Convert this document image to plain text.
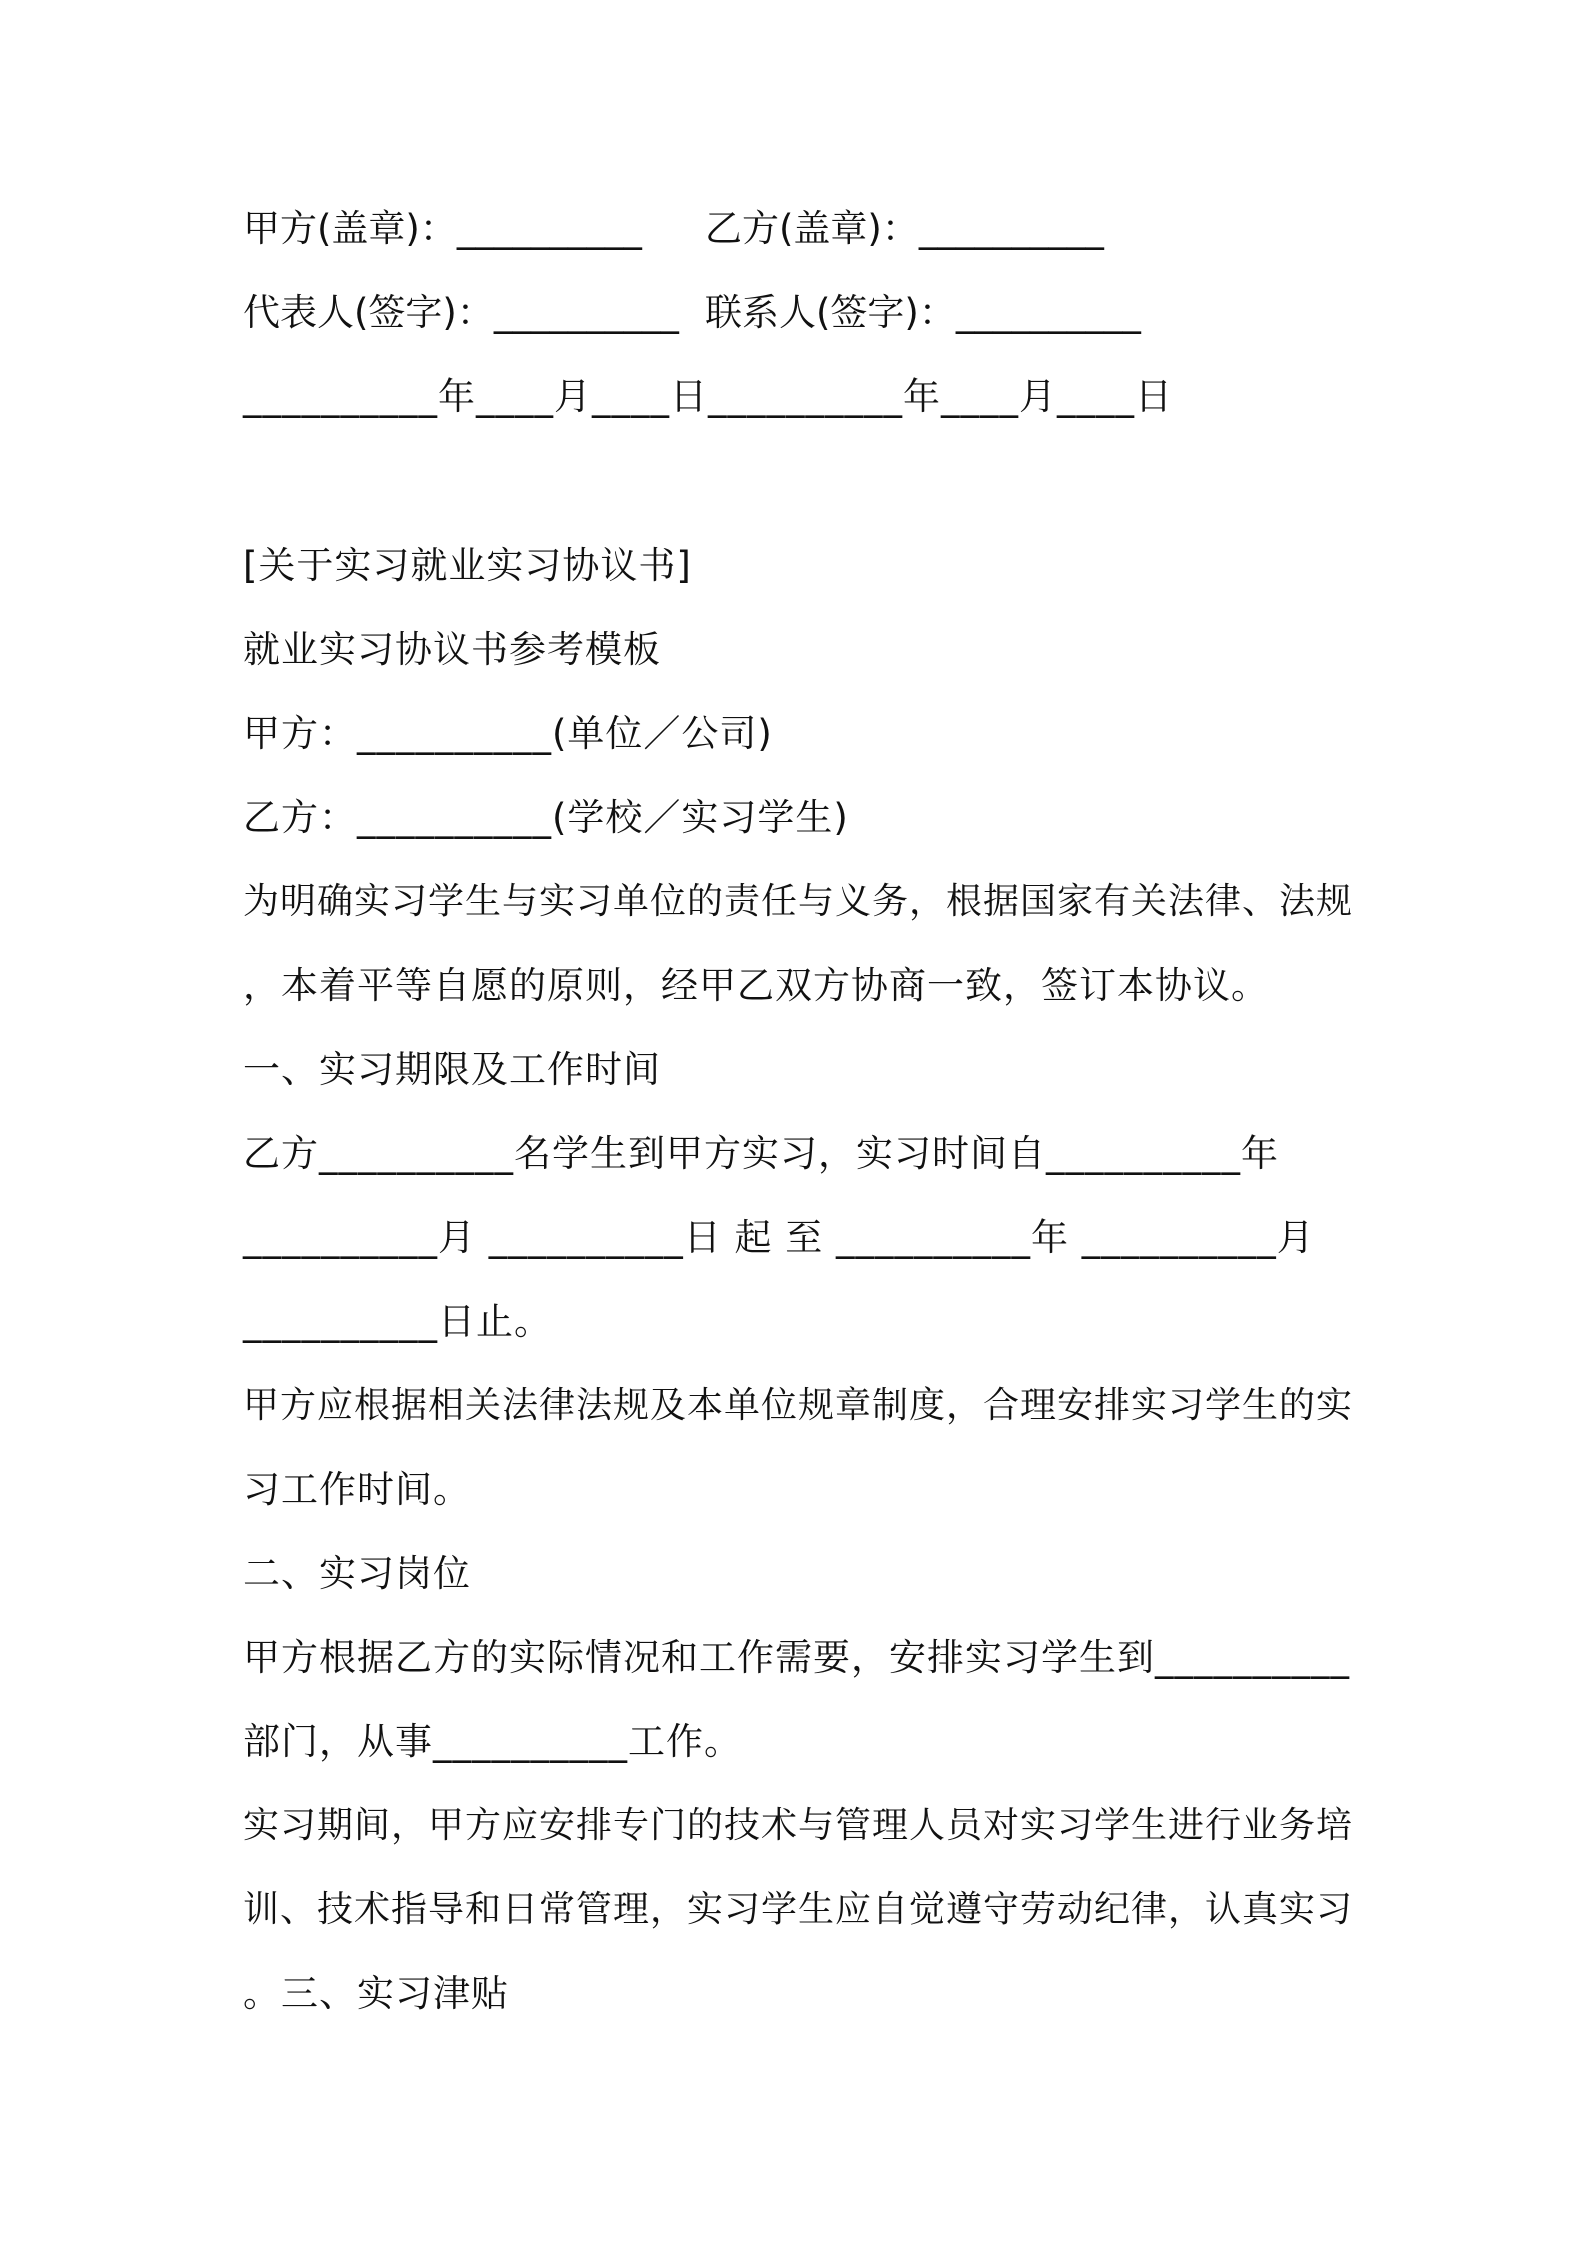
甲方(盖章)：__________ 乙方(盖章)：__________
代表人(签字)：__________ 联系人(签字)：__________
__________年____月____日__________年____月____日
[关于实习就业实习协议书]
就业实习协议书参考模板
甲方：__________(单位／公司)
乙方：__________(学校／实习学生)
为明确实习学生与实习单位的责任与义务，根据国家有关法律、法规
，本着平等自愿的原则，经甲乙双方协商一致，签订本协议。
一、实习期限及工作时间
乙方__________名学生到甲方实习，实习时间自__________年
__________月 __________日 起 至 __________年 __________月
__________日止。
甲方应根据相关法律法规及本单位规章制度，合理安排实习学生的实
习工作时间。
二、实习岗位
甲方根据乙方的实际情况和工作需要，安排实习学生到__________
部门，从事__________工作。
实习期间，甲方应安排专门的技术与管理人员对实习学生进行业务培
训、技术指导和日常管理，实习学生应自觉遵守劳动纪律，认真实习
。三、实习津贴
